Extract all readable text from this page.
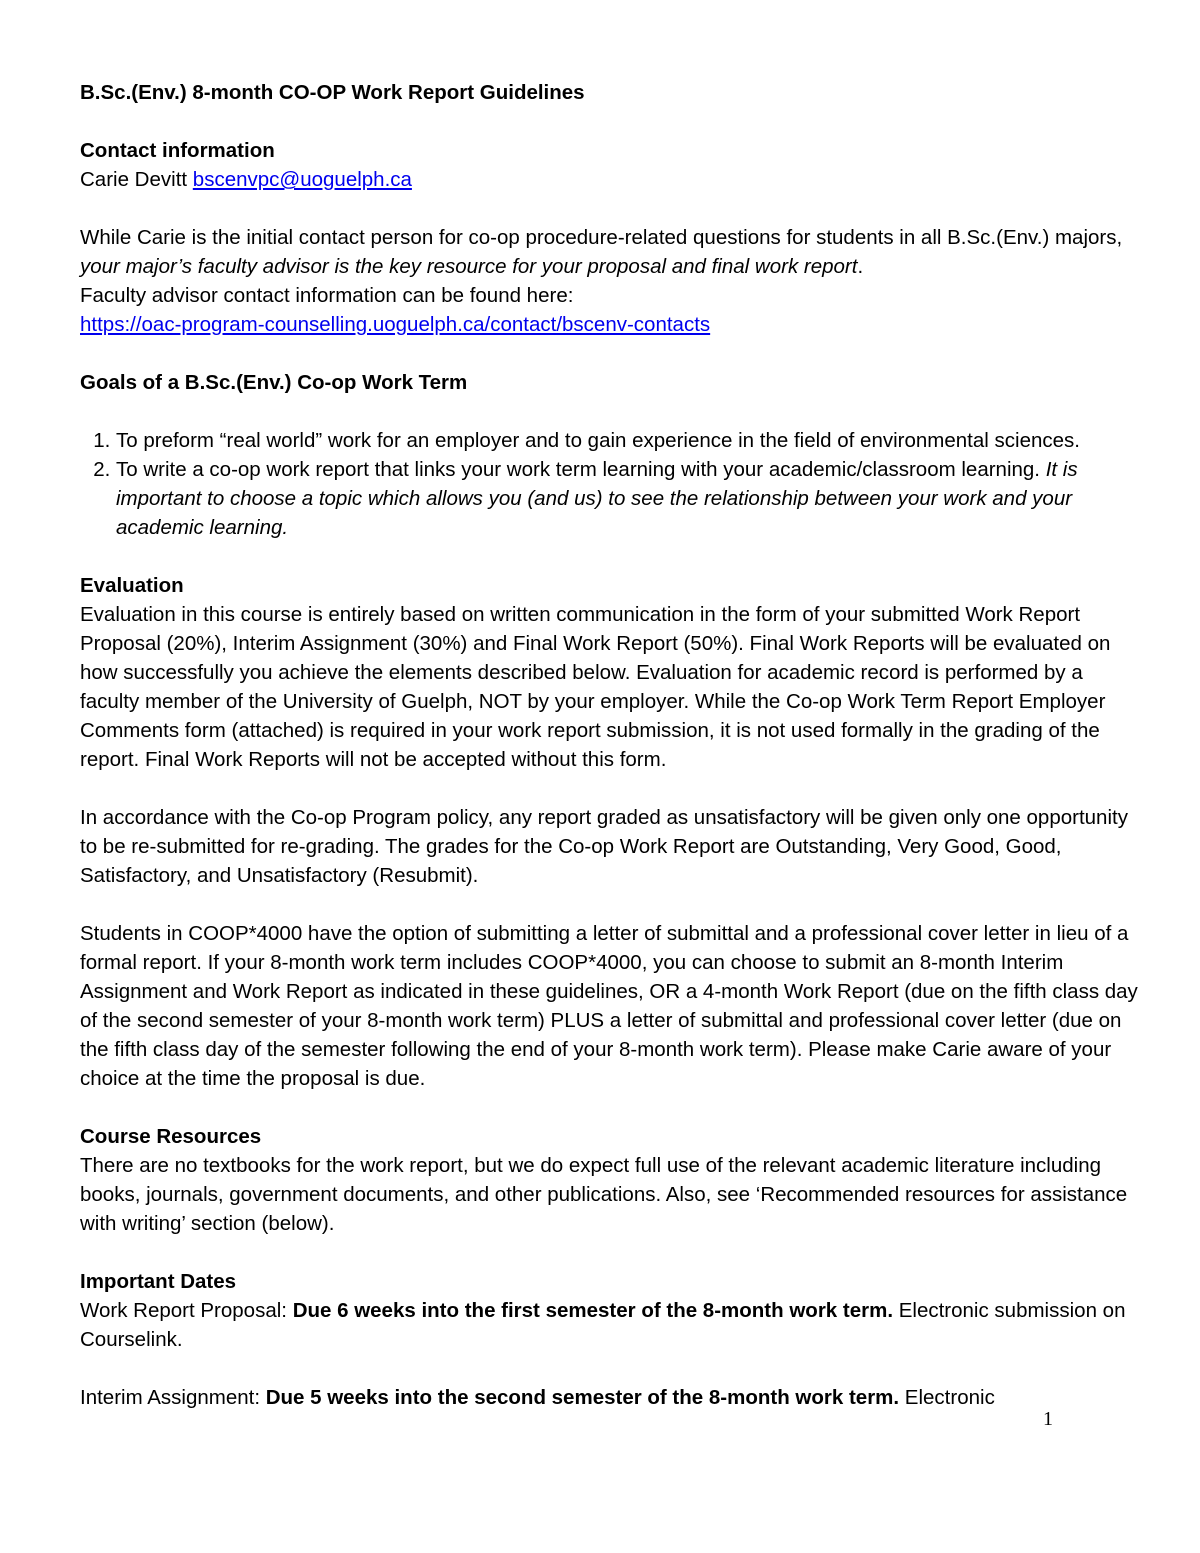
B.Sc.(Env.) 8-month CO-OP Work Report Guidelines

Contact information

Carie Devitt bscenvpc@uoguelph.ca

While Carie is the initial contact person for co-op procedure-related questions for students in all B.Sc.(Env.) majors, your major’s faculty advisor is the key resource for your proposal and final work report.

Faculty advisor contact information can be found here:

https://oac-program-counselling.uoguelph.ca/contact/bscenv-contacts

Goals of a B.Sc.(Env.) Co-op Work Term

1. To preform “real world” work for an employer and to gain experience in the field of environmental sciences.
2. To write a co-op work report that links your work term learning with your academic/classroom learning. It is important to choose a topic which allows you (and us) to see the relationship between your work and your academic learning.

Evaluation

Evaluation in this course is entirely based on written communication in the form of your submitted Work Report Proposal (20%), Interim Assignment (30%) and Final Work Report (50%). Final Work Reports will be evaluated on how successfully you achieve the elements described below. Evaluation for academic record is performed by a faculty member of the University of Guelph, NOT by your employer. While the Co-op Work Term Report Employer Comments form (attached) is required in your work report submission, it is not used formally in the grading of the report. Final Work Reports will not be accepted without this form.

In accordance with the Co-op Program policy, any report graded as unsatisfactory will be given only one opportunity to be re-submitted for re-grading. The grades for the Co-op Work Report are Outstanding, Very Good, Good, Satisfactory, and Unsatisfactory (Resubmit).

Students in COOP*4000 have the option of submitting a letter of submittal and a professional cover letter in lieu of a formal report. If your 8-month work term includes COOP*4000, you can choose to submit an 8-month Interim Assignment and Work Report as indicated in these guidelines, OR a 4-month Work Report (due on the fifth class day of the second semester of your 8-month work term) PLUS a letter of submittal and professional cover letter (due on the fifth class day of the semester following the end of your 8-month work term). Please make Carie aware of your choice at the time the proposal is due.

Course Resources

There are no textbooks for the work report, but we do expect full use of the relevant academic literature including books, journals, government documents, and other publications. Also, see ‘Recommended resources for assistance with writing’ section (below).

Important Dates

Work Report Proposal: Due 6 weeks into the first semester of the 8-month work term. Electronic submission on Courselink.

Interim Assignment: Due 5 weeks into the second semester of the 8-month work term. Electronic

1
